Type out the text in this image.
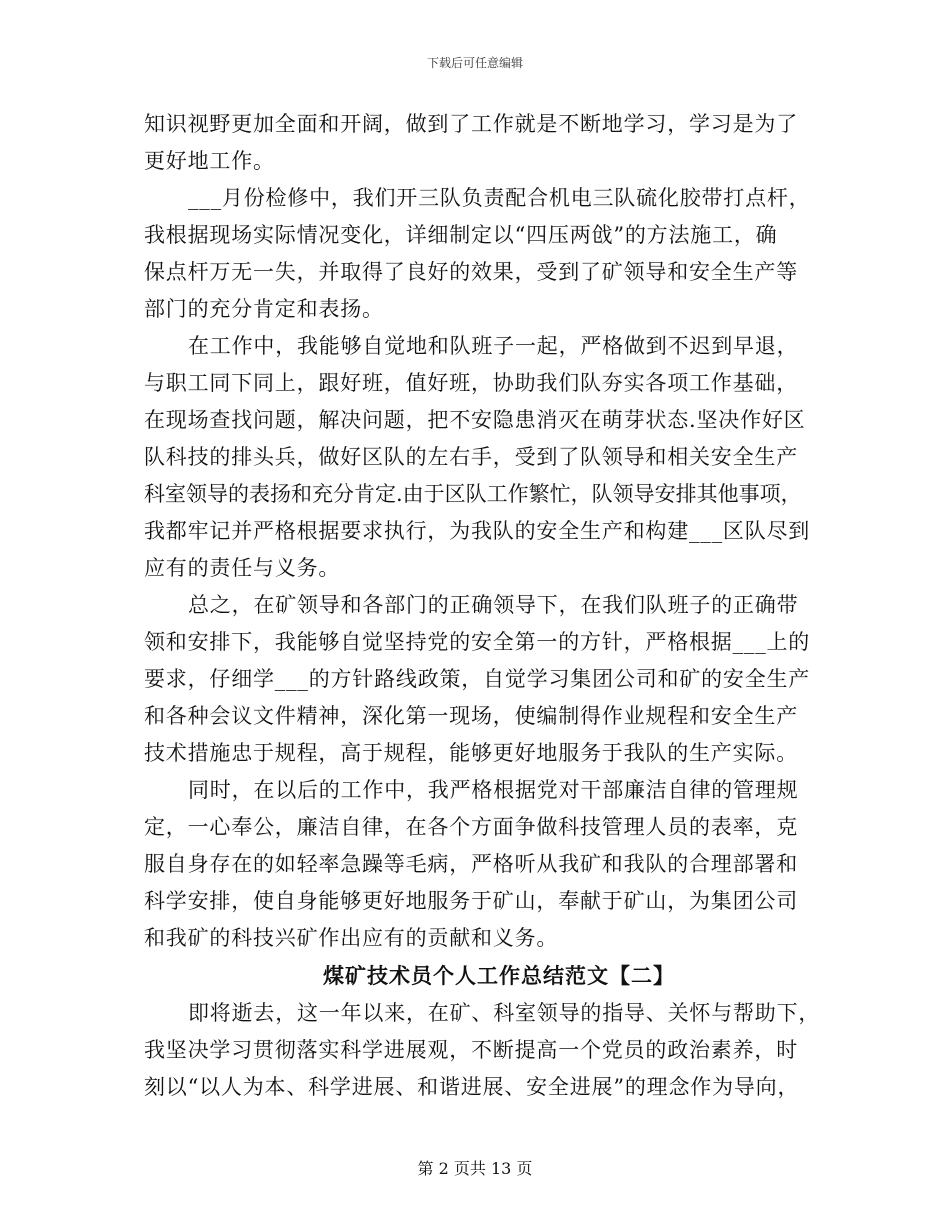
下载后可任意编辑
知识视野更加全面和开阔，做到了工作就是不断地学习，学习是为了
更好地工作。
___月份检修中，我们开三队负责配合机电三队硫化胶带打点杆，
我根据现场实际情况变化，详细制定以“四压两戗”的方法施工，确
保点杆万无一失，并取得了良好的效果，受到了矿领导和安全生产等
部门的充分肯定和表扬。
在工作中，我能够自觉地和队班子一起，严格做到不迟到早退，
与职工同下同上，跟好班，值好班，协助我们队夯实各项工作基础，
在现场查找问题，解决问题，把不安隐患消灭在萌芽状态.坚决作好区
队科技的排头兵，做好区队的左右手，受到了队领导和相关安全生产
科室领导的表扬和充分肯定.由于区队工作繁忙，队领导安排其他事项，
我都牢记并严格根据要求执行，为我队的安全生产和构建___区队尽到
应有的责任与义务。
总之，在矿领导和各部门的正确领导下，在我们队班子的正确带
领和安排下，我能够自觉坚持党的安全第一的方针，严格根据___上的
要求，仔细学___的方针路线政策，自觉学习集团公司和矿的安全生产
和各种会议文件精神，深化第一现场，使编制得作业规程和安全生产
技术措施忠于规程，高于规程，能够更好地服务于我队的生产实际。
同时，在以后的工作中，我严格根据党对干部廉洁自律的管理规
定，一心奉公，廉洁自律，在各个方面争做科技管理人员的表率，克
服自身存在的如轻率急躁等毛病，严格听从我矿和我队的合理部署和
科学安排，使自身能够更好地服务于矿山，奉献于矿山，为集团公司
和我矿的科技兴矿作出应有的贡献和义务。
煤矿技术员个人工作总结范文【二】
即将逝去，这一年以来，在矿、科室领导的指导、关怀与帮助下，
我坚决学习贯彻落实科学进展观，不断提高一个党员的政治素养，时
刻以“以人为本、科学进展、和谐进展、安全进展”的理念作为导向，
第 2 页共 13 页
